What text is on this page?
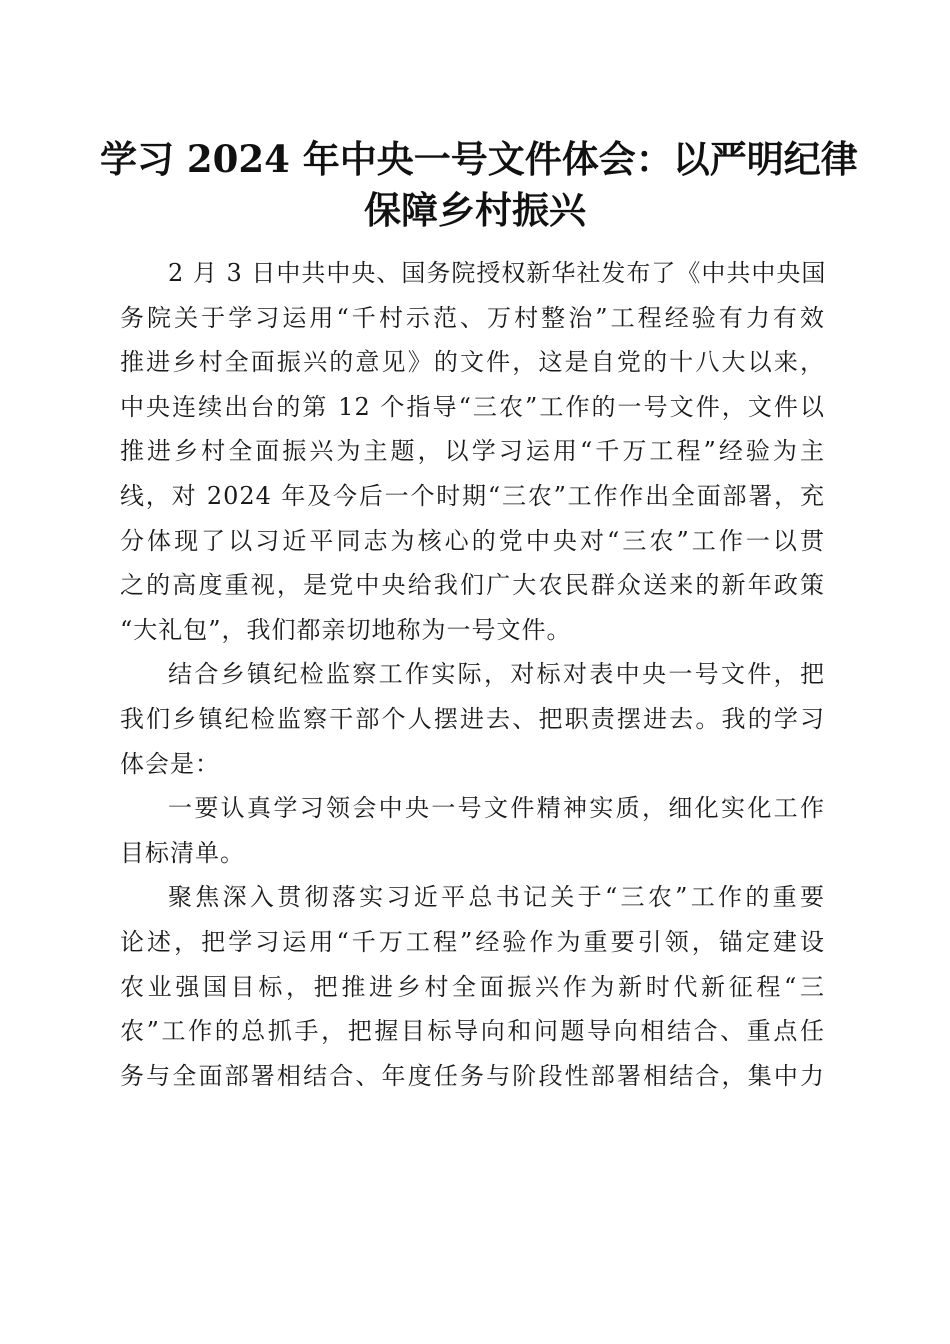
学习 2024 年中央一号文件体会：以严明纪律
保障乡村振兴
2 月 3 日中共中央、国务院授权新华社发布了《中共中央国
务院关于学习运用“千村示范、万村整治”工程经验有力有效
推进乡村全面振兴的意见》的文件，这是自党的十八大以来，
中央连续出台的第 12 个指导“三农”工作的一号文件，文件以
推进乡村全面振兴为主题，以学习运用“千万工程”经验为主
线，对 2024 年及今后一个时期“三农”工作作出全面部署，充
分体现了以习近平同志为核心的党中央对“三农”工作一以贯
之的高度重视，是党中央给我们广大农民群众送来的新年政策
“大礼包”，我们都亲切地称为一号文件。
结合乡镇纪检监察工作实际，对标对表中央一号文件，把
我们乡镇纪检监察干部个人摆进去、把职责摆进去。我的学习
体会是：
一要认真学习领会中央一号文件精神实质，细化实化工作
目标清单。
聚焦深入贯彻落实习近平总书记关于“三农”工作的重要
论述，把学习运用“千万工程”经验作为重要引领，锚定建设
农业强国目标，把推进乡村全面振兴作为新时代新征程“三
农”工作的总抓手，把握目标导向和问题导向相结合、重点任
务与全面部署相结合、年度任务与阶段性部署相结合，集中力
